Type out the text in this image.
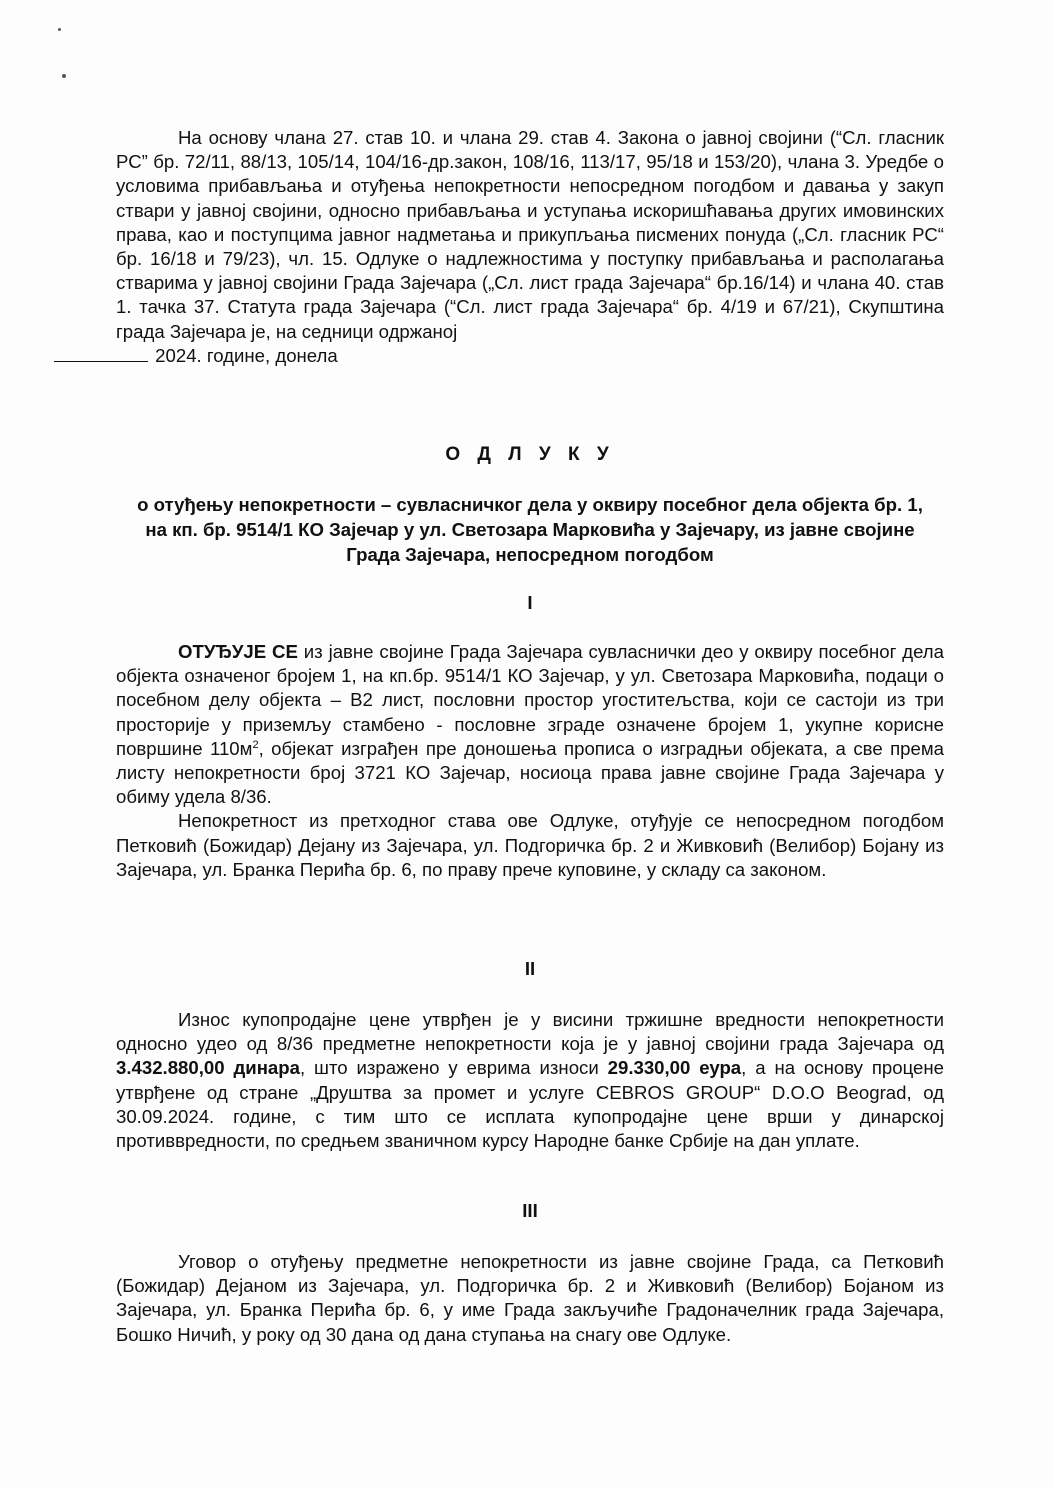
На основу члана 27. став 10. и члана 29. став 4. Закона о јавној својини (“Сл. гласник РС” бр. 72/11, 88/13, 105/14, 104/16-др.закон, 108/16, 113/17, 95/18 и 153/20), члана 3. Уредбе о условима прибављања и отуђења непокретности непосредном погодбом и давања у закуп ствари у јавној својини, односно прибављања и уступања искоришћавања других имовинских права, као и поступцима јавног надметања и прикупљања писмених понуда („Сл. гласник РС“ бр. 16/18 и 79/23), чл. 15. Одлуке о надлежностима у поступку прибављања и располагања стварима у јавној својини Града Зајечара („Сл. лист града Зајечара“ бр.16/14) и члана 40. став 1. тачка 37. Статута града Зајечара (“Сл. лист града Зајечара“ бр. 4/19 и 67/21), Скупштина града Зајечара је, на седници одржаној
2024. године, донела

О Д Л У К У
о отуђењу непокретности – сувласничког дела у оквиру посебног дела објекта бр. 1, на кп. бр. 9514/1 КО Зајечар у ул. Светозара Марковића у Зајечару, из јавне својине Града Зајечара, непосредном погодбом
I

ОТУЂУЈЕ СЕ из јавне својине Града Зајечара сувласнички део у оквиру посебног дела објекта означеног бројем 1, на кп.бр. 9514/1 КО Зајечар, у ул. Светозара Марковића, подаци о посебном делу објекта – В2 лист, пословни простор угоститељства, који се састоји из три просторије у приземљу стамбено - пословне зграде означене бројем 1, укупне корисне површине $110м^2$, објекат изграђен пре доношења прописа о изградњи објеката, а све према листу непокретности број 3721 КО Зајечар, носиоца права јавне својине Града Зајечара у обиму удела 8/36.

Непокретност из претходног става ове Одлуке, отуђује се непосредном погодбом Петковић (Божидар) Дејану из Зајечара, ул. Подгоричка бр. 2 и Живковић (Велибор) Бојану из Зајечара, ул. Бранка Перића бр. 6, по праву прече куповине, у складу са законом.

II

Износ купопродајне цене утврђен је у висини тржишне вредности непокретности односно удео од 8/36 предметне непокретности која је у јавној својини града Зајечара од 3.432.880,00 динара, што изражено у еврима износи 29.330,00 еура, а на основу процене утврђене од стране „Друштва за промет и услуге CEBROS GROUP“ D.O.O Beograd, од 30.09.2024. године, с тим што се исплата купопродајне цене врши у динарској противвредности, по средњем званичном курсу Народне банке Србије на дан уплате.

III

Уговор о отуђењу предметне непокретности из јавне својине Града, са Петковић (Божидар) Дејаном из Зајечара, ул. Подгоричка бр. 2 и Живковић (Велибор) Бојаном из Зајечара, ул. Бранка Перића бр. 6, у име Града закључиће Градоначелник града Зајечара, Бошко Ничић, у року од 30 дана од дана ступања на снагу ове Одлуке.
